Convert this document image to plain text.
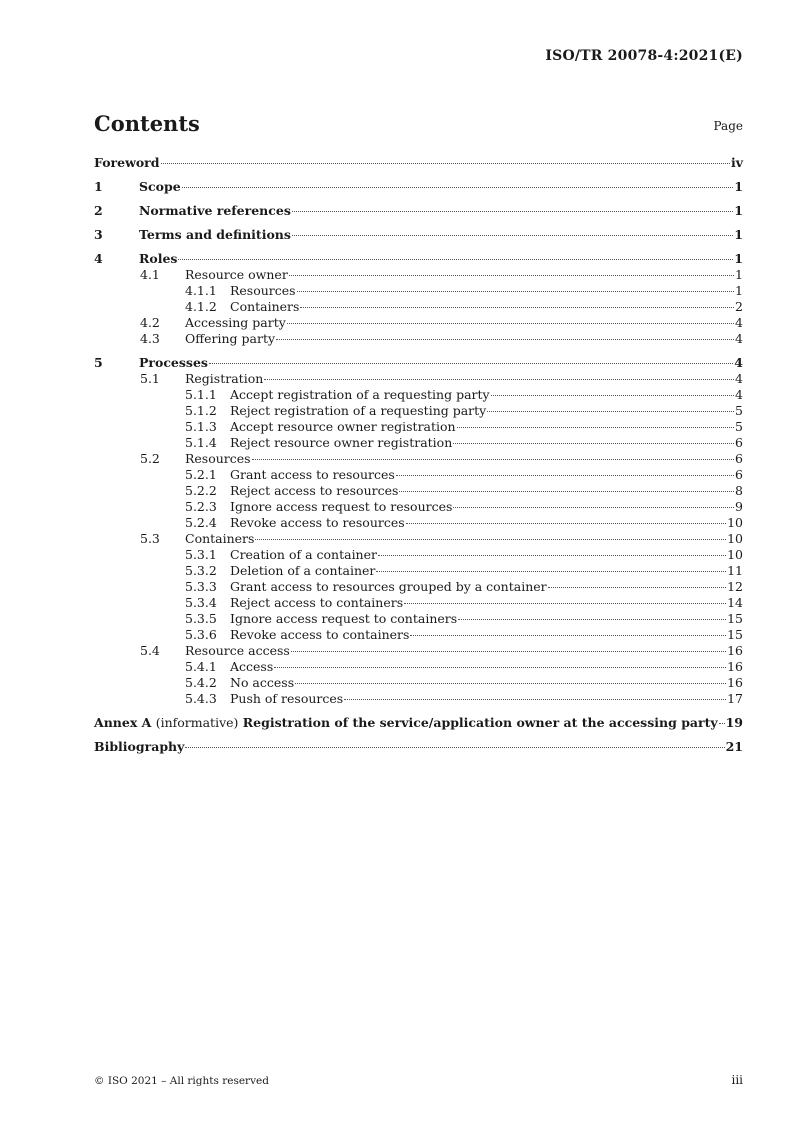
ISO/TR 20078-4:2021(E)
Contents	Page
Foreword	iv
1	Scope	1
2	Normative references	1
3	Terms and definitions	1
4	Roles	1
4.1	Resource owner	1
4.1.1	Resources	1
4.1.2	Containers	2
4.2	Accessing party	4
4.3	Offering party	4
5	Processes	4
5.1	Registration	4
5.1.1	Accept registration of a requesting party	4
5.1.2	Reject registration of a requesting party	5
5.1.3	Accept resource owner registration	5
5.1.4	Reject resource owner registration	6
5.2	Resources	6
5.2.1	Grant access to resources	6
5.2.2	Reject access to resources	8
5.2.3	Ignore access request to resources	9
5.2.4	Revoke access to resources	10
5.3	Containers	10
5.3.1	Creation of a container	10
5.3.2	Deletion of a container	11
5.3.3	Grant access to resources grouped by a container	12
5.3.4	Reject access to containers	14
5.3.5	Ignore access request to containers	15
5.3.6	Revoke access to containers	15
5.4	Resource access	16
5.4.1	Access	16
5.4.2	No access	16
5.4.3	Push of resources	17
Annex A (informative) Registration of the service/application owner at the accessing party 19
Bibliography	21
© ISO 2021 – All rights reserved	iii
